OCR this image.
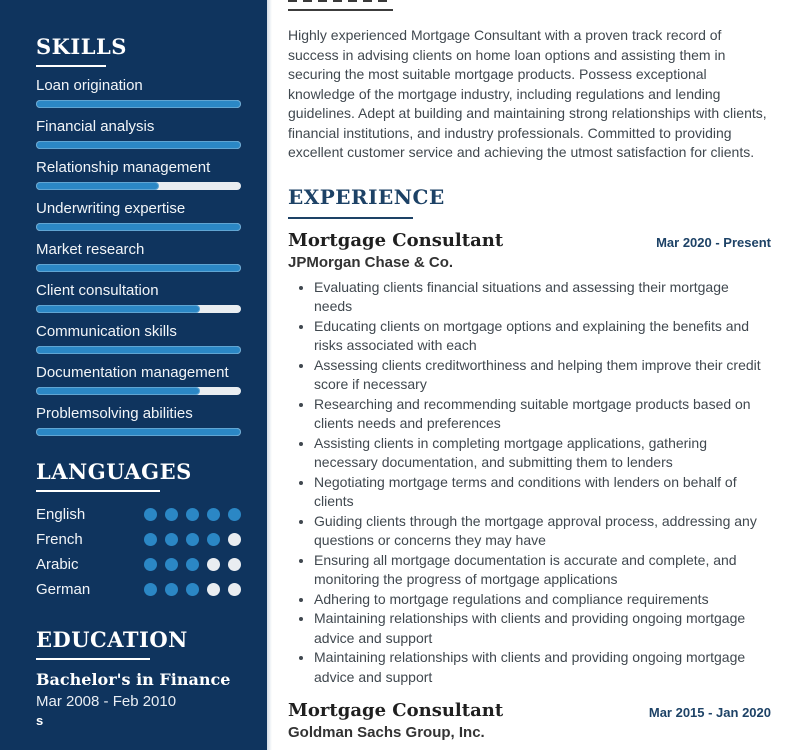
SKILLS
Loan origination
Financial analysis
Relationship management
Underwriting expertise
Market research
Client consultation
Communication skills
Documentation management
Problemsolving abilities
LANGUAGES
English
French
Arabic
German
EDUCATION
Bachelor's in Finance
Mar 2008 - Feb 2010
s

Highly experienced Mortgage Consultant with a proven track record of success in advising clients on home loan options and assisting them in securing the most suitable mortgage products. Possess exceptional knowledge of the mortgage industry, including regulations and lending guidelines. Adept at building and maintaining strong relationships with clients, financial institutions, and industry professionals. Committed to providing excellent customer service and achieving the utmost satisfaction for clients.

EXPERIENCE
Mortgage Consultant	Mar 2020 - Present
JPMorgan Chase & Co.
• Evaluating clients financial situations and assessing their mortgage needs
• Educating clients on mortgage options and explaining the benefits and risks associated with each
• Assessing clients creditworthiness and helping them improve their credit score if necessary
• Researching and recommending suitable mortgage products based on clients needs and preferences
• Assisting clients in completing mortgage applications, gathering necessary documentation, and submitting them to lenders
• Negotiating mortgage terms and conditions with lenders on behalf of clients
• Guiding clients through the mortgage approval process, addressing any questions or concerns they may have
• Ensuring all mortgage documentation is accurate and complete, and monitoring the progress of mortgage applications
• Adhering to mortgage regulations and compliance requirements
• Maintaining relationships with clients and providing ongoing mortgage advice and support
• Maintaining relationships with clients and providing ongoing mortgage advice and support
Mortgage Consultant	Mar 2015 - Jan 2020
Goldman Sachs Group, Inc.
